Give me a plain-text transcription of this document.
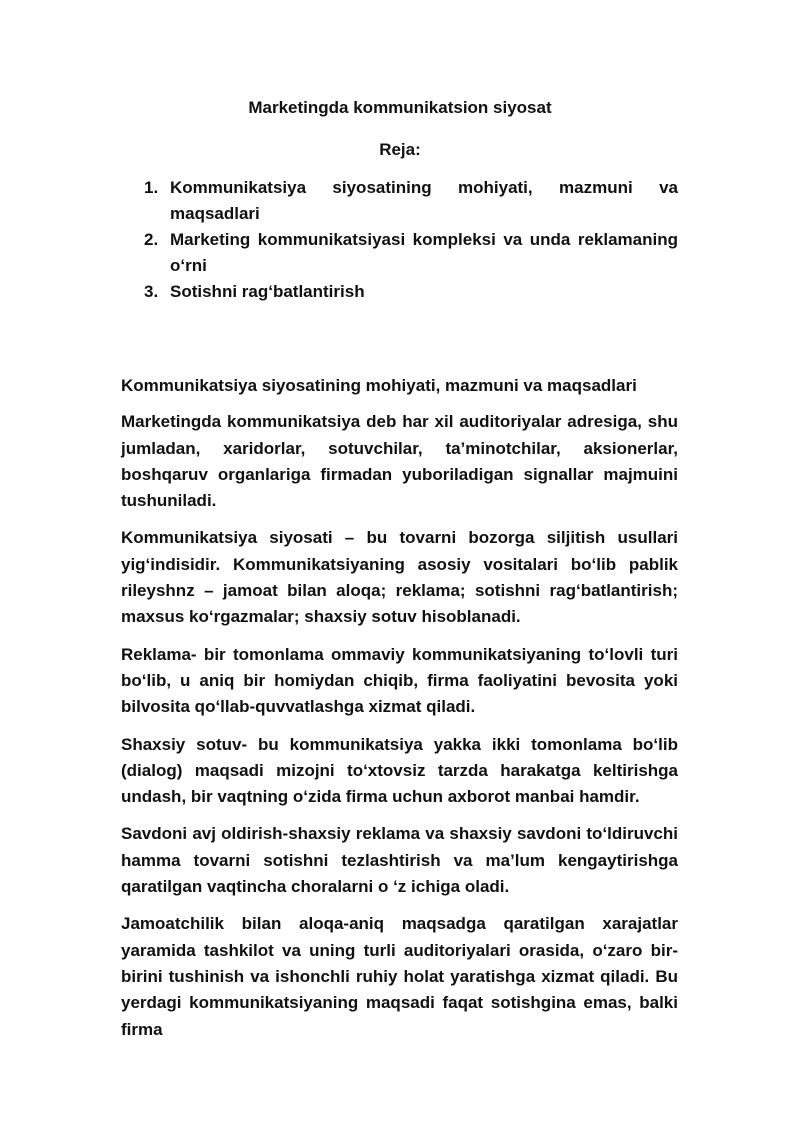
Marketingda kommunikatsion siyosat
Reja:
1. Kommunikatsiya siyosatining mohiyati, mazmuni va maqsadlari
2. Marketing kommunikatsiyasi kompleksi va unda reklamaning o‘rni
3. Sotishni rag‘batlantirish

Kommunikatsiya siyosatining mohiyati, mazmuni va maqsadlari

Marketingda kommunikatsiya deb har xil auditoriyalar adresiga, shu jumladan, xaridorlar, sotuvchilar, ta’minotchilar, aksionerlar, boshqaruv organlariga firmadan yuboriladigan signallar majmuini tushuniladi.

Kommunikatsiya siyosati – bu tovarni bozorga siljitish usullari yig‘indisidir. Kommunikatsiyaning asosiy vositalari bo‘lib pablik rileyshnz – jamoat bilan aloqa; reklama; sotishni rag‘batlantirish; maxsus ko‘rgazmalar; shaxsiy sotuv hisoblanadi.

Reklama- bir tomonlama ommaviy kommunikatsiyaning to‘lovli turi bo‘lib, u aniq bir homiydan chiqib, firma faoliyatini bevosita yoki bilvosita qo‘llab-quvvatlashga xizmat qiladi.

Shaxsiy sotuv- bu kommunikatsiya yakka ikki tomonlama bo‘lib (dialog) maqsadi mizojni to‘xtovsiz tarzda harakatga keltirishga undash, bir vaqtning o‘zida firma uchun axborot manbai hamdir.

Savdoni avj oldirish-shaxsiy reklama va shaxsiy savdoni to‘ldiruvchi hamma tovarni sotishni tezlashtirish va ma’lum kengaytirishga qaratilgan vaqtincha choralarni o ‘z ichiga oladi.

Jamoatchilik bilan aloqa-aniq maqsadga qaratilgan xarajatlar yaramida tashkilot va uning turli auditoriyalari orasida, o‘zaro bir-birini tushinish va ishonchli ruhiy holat yaratishga xizmat qiladi. Bu yerdagi kommunikatsiyaning maqsadi faqat sotishgina emas, balki firma
